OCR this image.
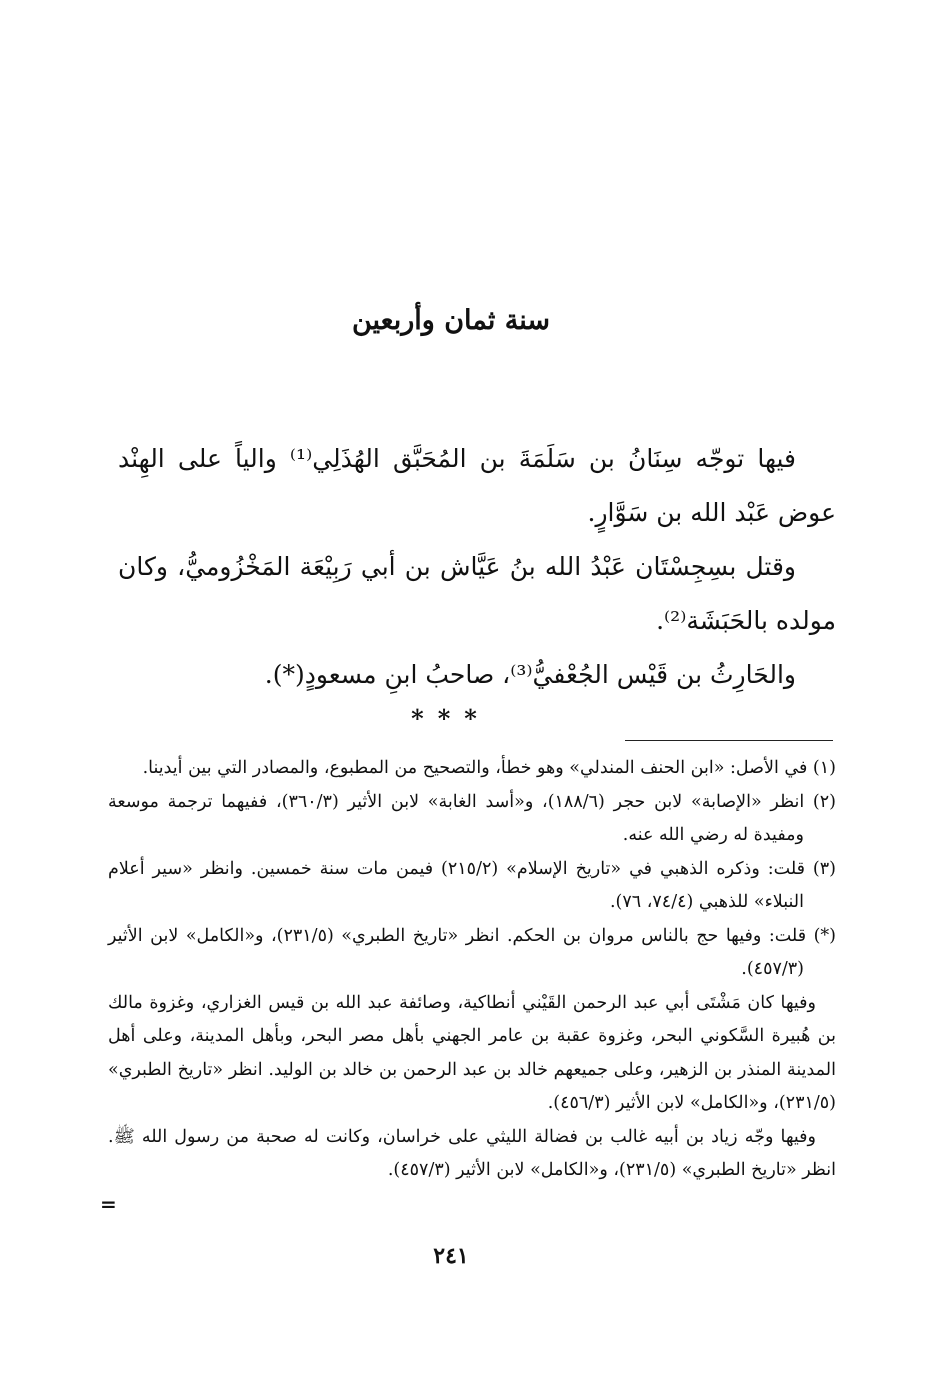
سنة ثمان وأربعين

فيها توجّه سِنَانُ بن سَلَمَةَ بن المُحَبَّق الهُذَلِي⁽¹⁾ والياً على الهِنْد عوض عَبْد الله بن سَوَّارٍ.

وقتل بسِجِسْتَان عَبْدُ الله بنُ عَيَّاش بن أبي رَبِيْعَة المَخْزُوميُّ، وكان مولده بالحَبَشَة⁽²⁾.

والحَارِثُ بن قَيْس الجُعْفيُّ⁽³⁾، صاحبُ ابنِ مسعودٍ(*).

***

(١) في الأصل: «ابن الحنف المندلي» وهو خطأ، والتصحيح من المطبوع، والمصادر التي بين أيدينا.

(٢) انظر «الإصابة» لابن حجر (١٨٨/٦)، و«أسد الغابة» لابن الأثير (٣٦٠/٣)، ففيهما ترجمة موسعة ومفيدة له رضي الله عنه.

(٣) قلت: وذكره الذهبي في «تاريخ الإسلام» (٢١٥/٢) فيمن مات سنة خمسين. وانظر «سير أعلام النبلاء» للذهبي (٧٤/٤، ٧٦).

(*) قلت: وفيها حج بالناس مروان بن الحكم. انظر «تاريخ الطبري» (٢٣١/٥)، و«الكامل» لابن الأثير (٤٥٧/٣).

وفيها كان مَشْتَى أبي عبد الرحمن القَيْني أنطاكية، وصائفة عبد الله بن قيس الغزاري، وغزوة مالك بن هُبيرة السَّكوني البحر، وغزوة عقبة بن عامر الجهني بأهل مصر البحر، وبأهل المدينة، وعلى أهل المدينة المنذر بن الزهير، وعلى جميعهم خالد بن عبد الرحمن بن خالد بن الوليد. انظر «تاريخ الطبري» (٢٣١/٥)، و«الكامل» لابن الأثير (٤٥٦/٣).

وفيها وجّه زياد بن أبيه غالب بن فضالة الليثي على خراسان، وكانت له صحبة من رسول الله ﷺ. انظر «تاريخ الطبري» (٢٣١/٥)، و«الكامل» لابن الأثير (٤٥٧/٣).

=
٢٤١
